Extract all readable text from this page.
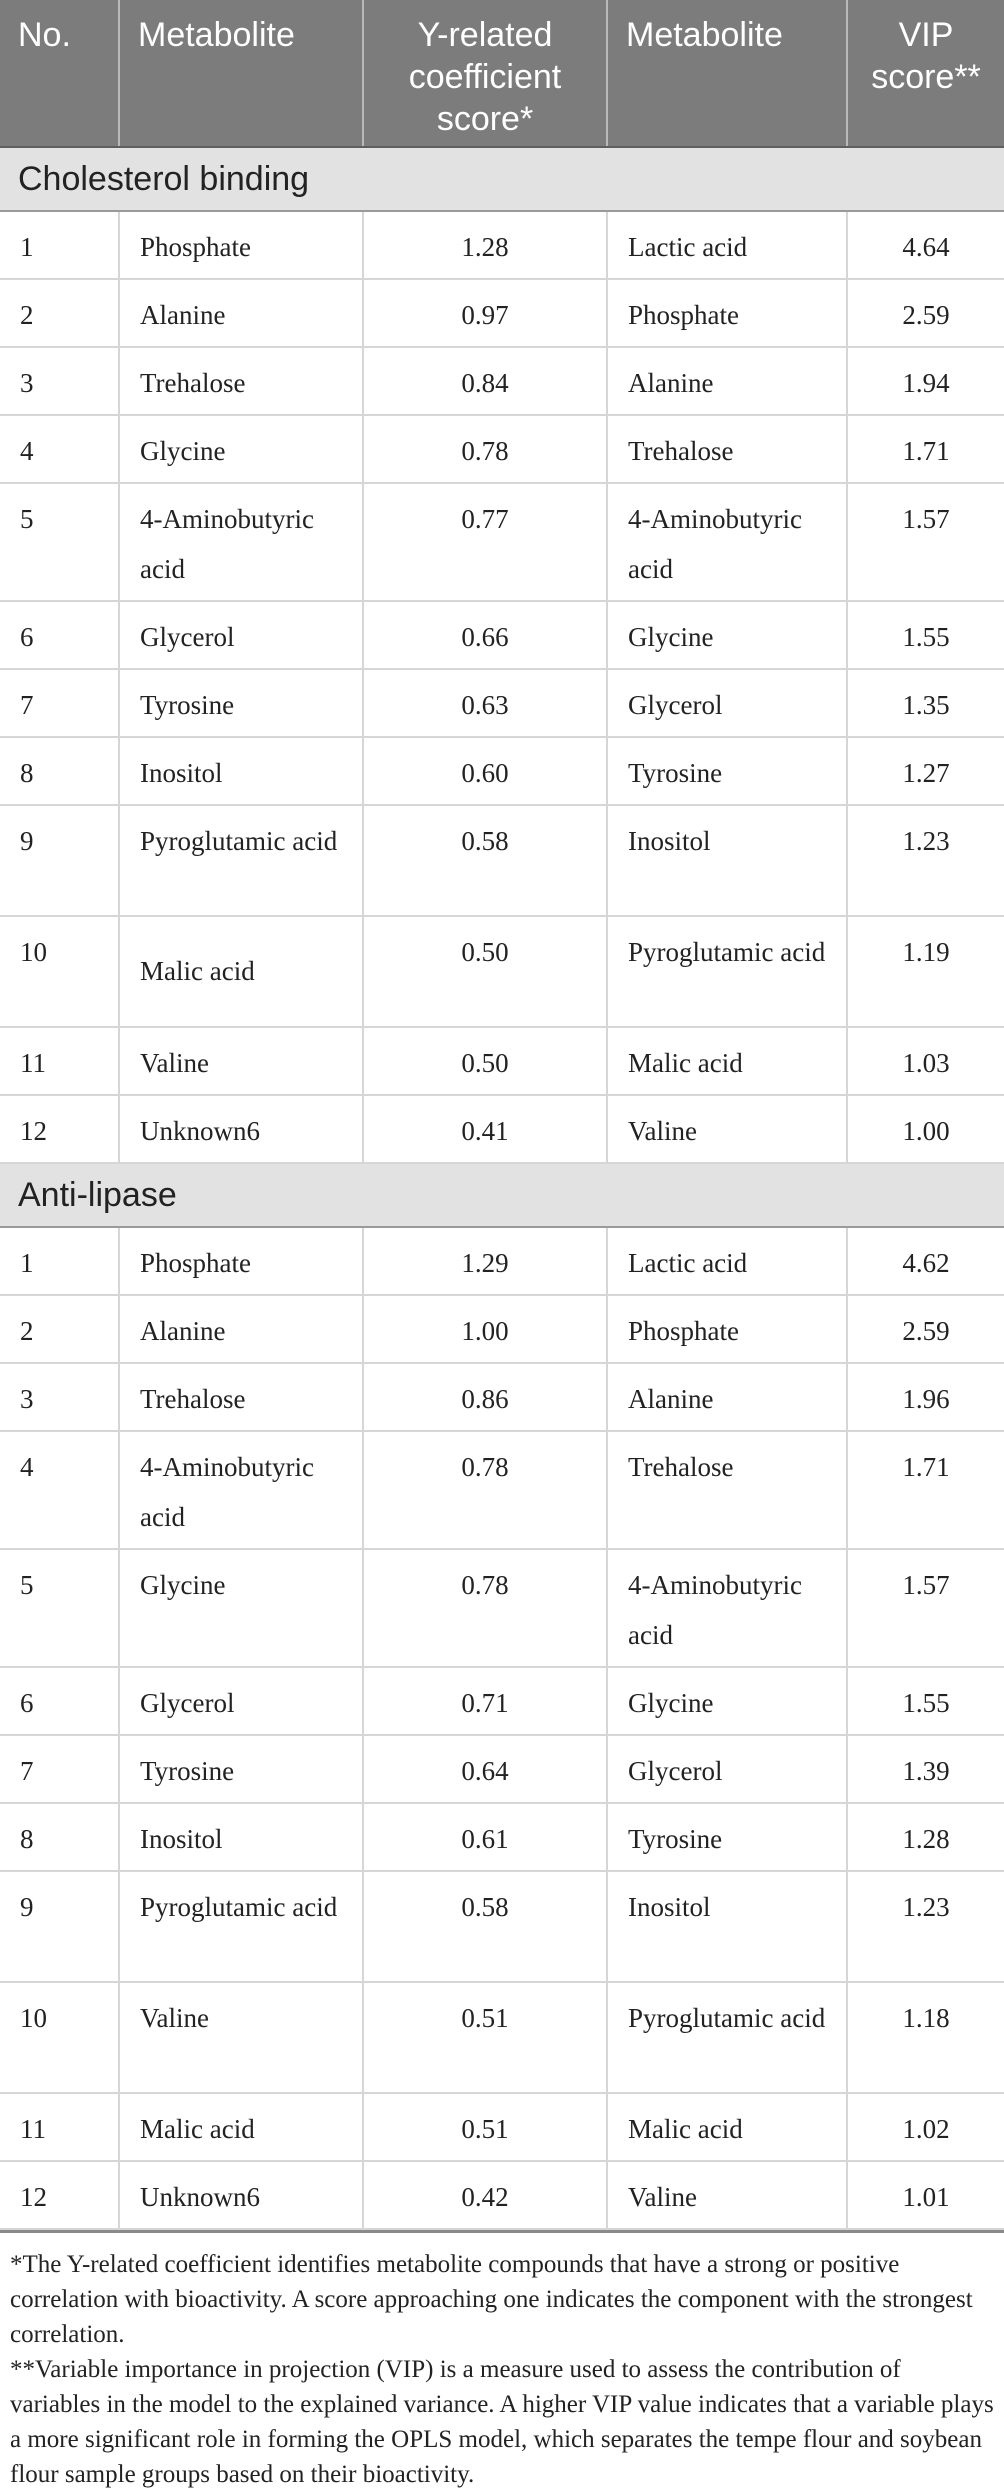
No.	Metabolite	Y-related coefficient score*	Metabolite	VIP score**
Cholesterol binding				
1	Phosphate	1.28	Lactic acid	4.64
2	Alanine	0.97	Phosphate	2.59
3	Trehalose	0.84	Alanine	1.94
4	Glycine	0.78	Trehalose	1.71
5	4-Aminobutyric acid	0.77	4-Aminobutyric acid	1.57
6	Glycerol	0.66	Glycine	1.55
7	Tyrosine	0.63	Glycerol	1.35
8	Inositol	0.60	Tyrosine	1.27
9	Pyroglutamic acid	0.58	Inositol	1.23
10	Malic acid	0.50	Pyroglutamic acid	1.19
11	Valine	0.50	Malic acid	1.03
12	Unknown6	0.41	Valine	1.00
Anti-lipase				
1	Phosphate	1.29	Lactic acid	4.62
2	Alanine	1.00	Phosphate	2.59
3	Trehalose	0.86	Alanine	1.96
4	4-Aminobutyric acid	0.78	Trehalose	1.71
5	Glycine	0.78	4-Aminobutyric acid	1.57
6	Glycerol	0.71	Glycine	1.55
7	Tyrosine	0.64	Glycerol	1.39
8	Inositol	0.61	Tyrosine	1.28
9	Pyroglutamic acid	0.58	Inositol	1.23
10	Valine	0.51	Pyroglutamic acid	1.18
11	Malic acid	0.51	Malic acid	1.02
12	Unknown6	0.42	Valine	1.01

*The Y-related coefficient identifies metabolite compounds that have a strong or positive correlation with bioactivity. A score approaching one indicates the component with the strongest correlation.

**Variable importance in projection (VIP) is a measure used to assess the contribution of variables in the model to the explained variance. A higher VIP value indicates that a variable plays a more significant role in forming the OPLS model, which separates the tempe flour and soybean flour sample groups based on their bioactivity.
